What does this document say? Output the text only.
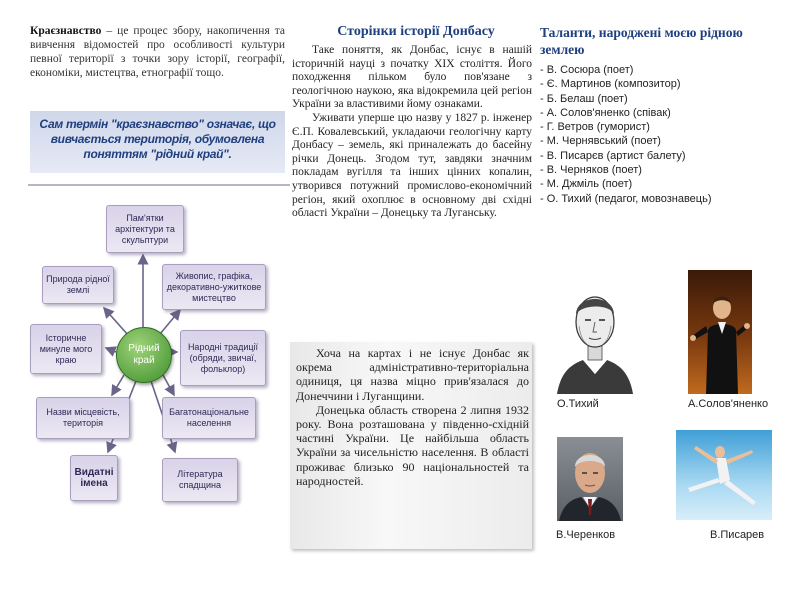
Краєзнавство – це процес збору, накопичення та вивчення відомостей про особливості культури певної території з точки зору історії, географії, економіки, мистецтва, етнографії тощо.
Сам термін "краєзнавство" означає, що вивчається територія, обумовлена поняттям "рідний край".
Пам'ятки архітектури та скульптури
Природа рідної землі
Живопис, графіка, декоративно-ужиткове мистецтво
Історичне минуле мого краю
Народні традиції (обряди, звичаї, фольклор)
Назви місцевість, територія
Багатонаціональне населення
Видатні імена
Література спадщина
Рідний край
Сторінки історії Донбасу
Таке поняття, як Донбас, існує в нашій історичній науці з початку XIX століття. Його походження пільком було пов'язане з геологічною наукою, яка відокремила цей регіон України за властивими йому ознаками.
Уживати уперше цю назву у 1827 р. інженер Є.П. Ковалевський, укладаючи геологічну карту Донбасу – земель, які приналежать до басейну річки Донець. Згодом тут, завдяки значним покладам вугілля та інших цінних копалин, утворився потужний промислово-економічний регіон, який охоплює в основному дві східні області України – Донецьку та Луганську.

Хоча на картах і не існує Донбас як окрема адміністративно-територіальна одиниця, ця назва міцно прив'язалася до Донеччини і Луганщини.

Донецька область створена 2 липня 1932 року. Вона розташована у південно-східній частині України. Це найбільша область України за чисельністю населення. В області проживає близько 90 національностей та народностей.

Таланти, народжені моєю рідною землею
- В. Сосюра (поет)
- Є. Мартинов (композитор)
- Б. Белаш (поет)
- А. Солов'яненко (співак)
- Г. Ветров (гуморист)
- М. Чернявський (поет)
- В. Писарєв (артист балету)
- В. Черняков (поет)
- М. Джміль (поет)
- О. Тихий (педагог, мовознавець)
О.Тихий	А.Солов'яненко
В.Черенков	В.Писарев
